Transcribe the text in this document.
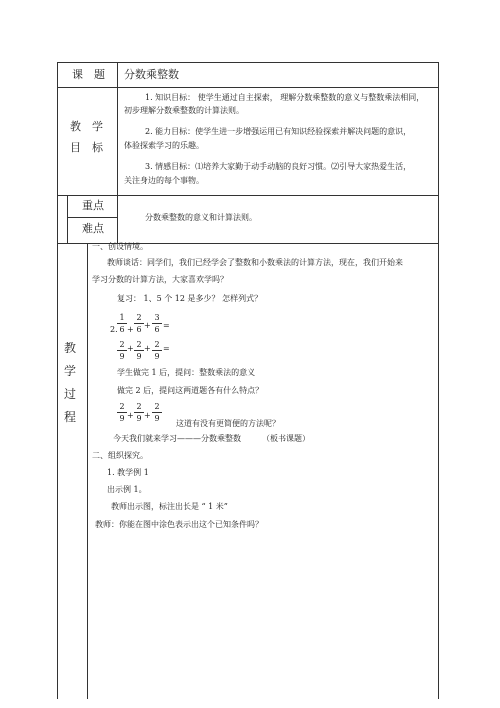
课　题 分数乘整数
教　学
目　标
1. 知识目标： 使学生通过自主探索， 理解分数乘整数的意义与整数乘法相同，
初步理解分数乘整数的计算法则。
2. 能力目标：使学生进一步增强运用已有知识经验探索并解决问题的意识，
体验探索学习的乐趣。
3. 情感目标：⑴培养大家勤于动手动脑的良好习惯。⑵引导大家热爱生活，
关注身边的每个事物。
重点
难点
分数乘整数的意义和计算法则。
教
学
过
程
一、创设情境。
教师谈话：同学们，我们已经学会了整数和小数乘法的计算方法，现在，我们开始来
学习分数的计算方法，大家喜欢学吗？
复习： 1、5 个 12 是多少？ 怎样列式？
2.
1
6 +
2
6 +
3
6 =
2
9
+ 2
9
+ 2
9
=
学生做完 1 后，提问：整数乘法的意义
做完 2 后，提问这两道题各有什么特点？
2
9 +
2
9 +
2
9
这道有没有更简便的方法呢？
今天我们就来学习———分数乘整数	（板书课题）
二、组织探究。
1. 教学例 1
出示例 1。
教师出示图，标注出长是 “ 1 米”
教师：你能在图中涂色表示出这个已知条件吗？
